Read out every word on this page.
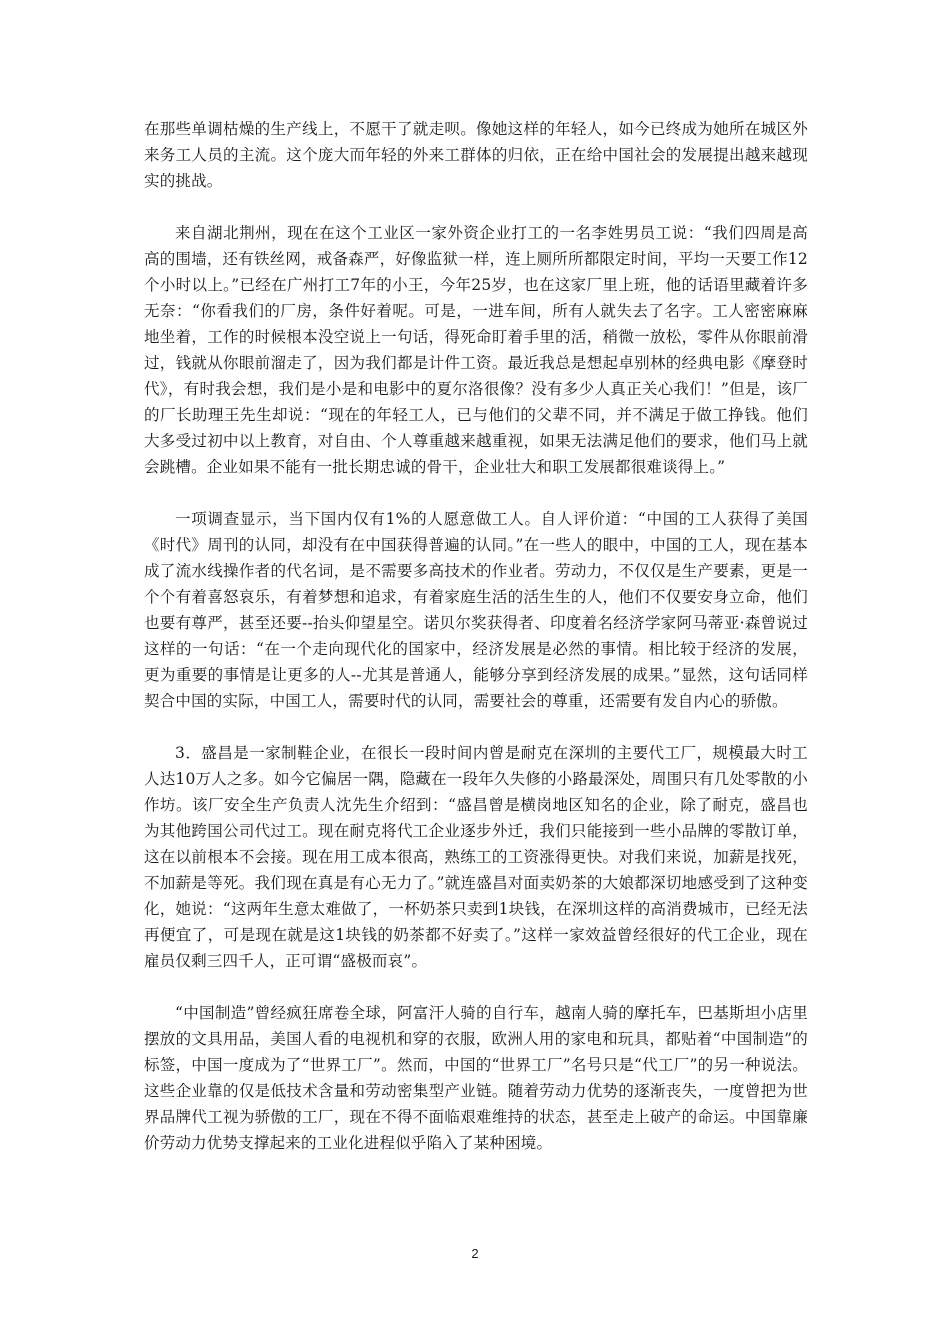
在那些单调枯燥的生产线上，不愿干了就走呗。像她这样的年轻人，如今已终成为她所在城区外来务工人员的主流。这个庞大而年轻的外来工群体的归依，正在给中国社会的发展提出越来越现实的挑战。

来自湖北荆州，现在在这个工业区一家外资企业打工的一名李姓男员工说：“我们四周是高高的围墙，还有铁丝网，戒备森严，好像监狱一样，连上厕所所都限定时间，平均一天要工作12个小时以上。”已经在广州打工7年的小王，今年25岁，也在这家厂里上班，他的话语里藏着许多无奈：“你看我们的厂房，条件好着呢。可是，一进车间，所有人就失去了名字。工人密密麻麻地坐着，工作的时候根本没空说上一句话，得死命盯着手里的活，稍微一放松，零件从你眼前滑过，钱就从你眼前溜走了，因为我们都是计件工资。最近我总是想起卓别林的经典电影《摩登时代》，有时我会想，我们是小是和电影中的夏尔洛很像？没有多少人真正关心我们！”但是，该厂的厂长助理王先生却说：“现在的年轻工人，已与他们的父辈不同，并不满足于做工挣钱。他们大多受过初中以上教育，对自由、个人尊重越来越重视，如果无法满足他们的要求，他们马上就会跳槽。企业如果不能有一批长期忠诚的骨干，企业壮大和职工发展都很难谈得上。”

一项调查显示，当下国内仅有1%的人愿意做工人。自人评价道：“中国的工人获得了美国《时代》周刊的认同，却没有在中国获得普遍的认同。”在一些人的眼中，中国的工人，现在基本成了流水线操作者的代名词，是不需要多高技术的作业者。劳动力，不仅仅是生产要素，更是一个个有着喜怒哀乐，有着梦想和追求，有着家庭生活的活生生的人，他们不仅要安身立命，他们也要有尊严，甚至还要--抬头仰望星空。诺贝尔奖获得者、印度着名经济学家阿马蒂亚·森曾说过这样的一句话：“在一个走向现代化的国家中，经济发展是必然的事情。相比较于经济的发展，更为重要的事情是让更多的人--尤其是普通人，能够分享到经济发展的成果。”显然，这句话同样契合中国的实际，中国工人，需要时代的认同，需要社会的尊重，还需要有发自内心的骄傲。

3．盛昌是一家制鞋企业，在很长一段时间内曾是耐克在深圳的主要代工厂，规模最大时工人达10万人之多。如今它偏居一隅，隐藏在一段年久失修的小路最深处，周围只有几处零散的小作坊。该厂安全生产负责人沈先生介绍到：“盛昌曾是横岗地区知名的企业，除了耐克，盛昌也为其他跨国公司代过工。现在耐克将代工企业逐步外迁，我们只能接到一些小品牌的零散订单，这在以前根本不会接。现在用工成本很高，熟练工的工资涨得更快。对我们来说，加薪是找死，不加薪是等死。我们现在真是有心无力了。”就连盛昌对面卖奶茶的大娘都深切地感受到了这种变化，她说：“这两年生意太难做了，一杯奶茶只卖到1块钱，在深圳这样的高消费城市，已经无法再便宜了，可是现在就是这1块钱的奶茶都不好卖了。”这样一家效益曾经很好的代工企业，现在雇员仅剩三四千人，正可谓“盛极而哀”。

“中国制造”曾经疯狂席卷全球，阿富汗人骑的自行车，越南人骑的摩托车，巴基斯坦小店里摆放的文具用品，美国人看的电视机和穿的衣服，欧洲人用的家电和玩具，都贴着“中国制造”的标签，中国一度成为了“世界工厂”。然而，中国的“世界工厂”名号只是“代工厂”的另一种说法。这些企业靠的仅是低技术含量和劳动密集型产业链。随着劳动力优势的逐渐丧失，一度曾把为世界品牌代工视为骄傲的工厂，现在不得不面临艰难维持的状态，甚至走上破产的命运。中国靠廉价劳动力优势支撑起来的工业化进程似乎陷入了某种困境。

2
